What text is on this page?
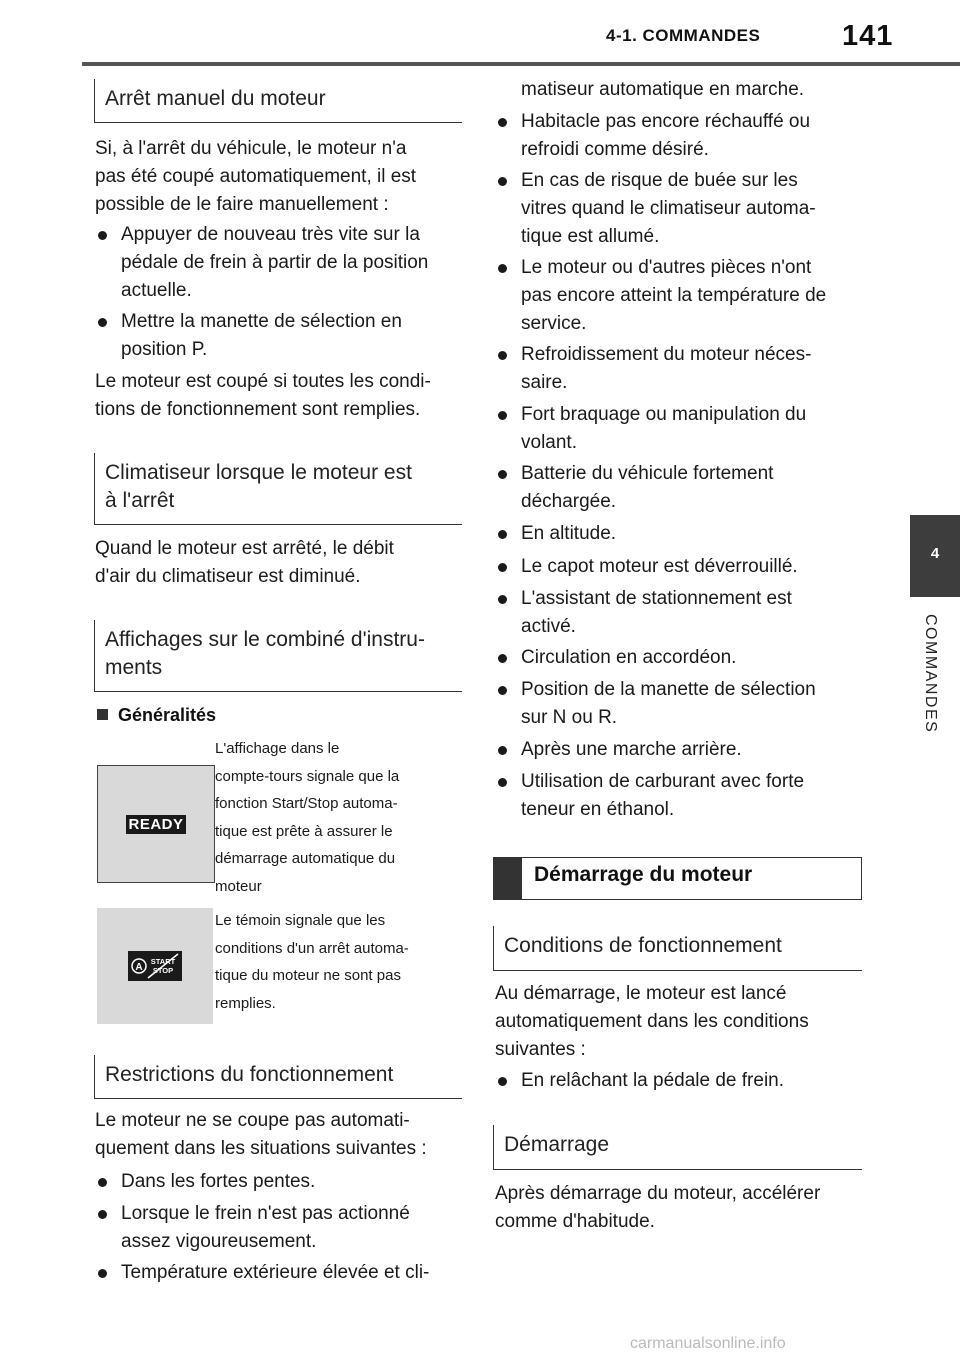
4-1. COMMANDES	141
4
COMMANDES
Arrêt manuel du moteur
Si, à l'arrêt du véhicule, le moteur n'a
pas été coupé automatiquement, il est
possible de le faire manuellement :
Appuyer de nouveau très vite sur la
pédale de frein à partir de la position
actuelle.
Mettre la manette de sélection en
position P.
Le moteur est coupé si toutes les condi-
tions de fonctionnement sont remplies.
Climatiseur lorsque le moteur est
à l'arrêt
Quand le moteur est arrêté, le débit
d'air du climatiseur est diminué.
Affichages sur le combiné d'instru-
ments
Généralités
READY
L'affichage dans le
compte-tours signale que la
fonction Start/Stop automa-
tique est prête à assurer le
démarrage automatique du
moteur
A
START
STOP
Le témoin signale que les
conditions d'un arrêt automa-
tique du moteur ne sont pas
remplies.
Restrictions du fonctionnement
Le moteur ne se coupe pas automati-
quement dans les situations suivantes :
Dans les fortes pentes.
Lorsque le frein n'est pas actionné
assez vigoureusement.
Température extérieure élevée et cli-
matiseur automatique en marche.
Habitacle pas encore réchauffé ou
refroidi comme désiré.
En cas de risque de buée sur les
vitres quand le climatiseur automa-
tique est allumé.
Le moteur ou d'autres pièces n'ont
pas encore atteint la température de
service.
Refroidissement du moteur néces-
saire.
Fort braquage ou manipulation du
volant.
Batterie du véhicule fortement
déchargée.
En altitude.
Le capot moteur est déverrouillé.
L'assistant de stationnement est
activé.
Circulation en accordéon.
Position de la manette de sélection
sur N ou R.
Après une marche arrière.
Utilisation de carburant avec forte
teneur en éthanol.
Démarrage du moteur
Conditions de fonctionnement
Au démarrage, le moteur est lancé
automatiquement dans les conditions
suivantes :
En relâchant la pédale de frein.
Démarrage
Après démarrage du moteur, accélérer
comme d'habitude.
carmanualsonline.info
